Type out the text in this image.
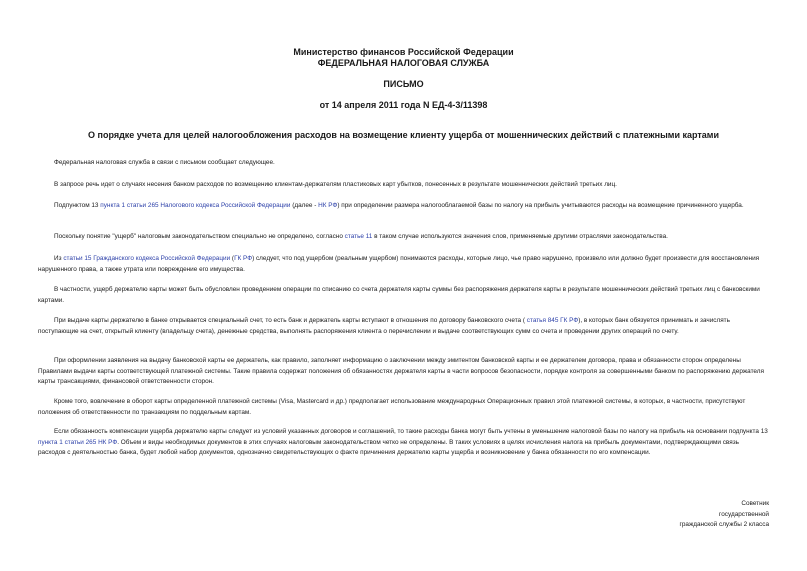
Министерство финансов Российской Федерации
ФЕДЕРАЛЬНАЯ НАЛОГОВАЯ СЛУЖБА
ПИСЬМО
от 14 апреля 2011 года N ЕД-4-3/11398
О порядке учета для целей налогообложения расходов на возмещение клиенту ущерба от мошеннических действий с платежными картами
Федеральная налоговая служба в связи с письмом сообщает следующее.
В запросе речь идет о случаях несения банком расходов по возмещению клиентам-держателям пластиковых карт убытков, понесенных в результате мошеннических действий третьих лиц.
Подпунктом 13 пункта 1 статьи 265 Налогового кодекса Российской Федерации (далее - НК РФ) при определении размера налогооблагаемой базы по налогу на прибыль учитываются расходы на возмещение причиненного ущерба.
Поскольку понятие "ущерб" налоговым законодательством специально не определено, согласно статье 11 в таком случае используются значения слов, применяемые другими отраслями законодательства.
Из статьи 15 Гражданского кодекса Российской Федерации (ГК РФ) следует, что под ущербом (реальным ущербом) понимаются расходы, которые лицо, чье право нарушено, произвело или должно будет произвести для восстановления нарушенного права, а также утрата или повреждение его имущества.
В частности, ущерб держателю карты может быть обусловлен проведением операции по списанию со счета держателя карты суммы без распоряжения держателя карты в результате мошеннических действий третьих лиц с банковскими картами.
При выдаче карты держателю в банке открывается специальный счет, то есть банк и держатель карты вступают в отношения по договору банковского счета ( статья 845 ГК РФ), в которых банк обязуется принимать и зачислять поступающие на счет, открытый клиенту (владельцу счета), денежные средства, выполнять распоряжения клиента о перечислении и выдаче соответствующих сумм со счета и проведении других операций по счету.
При оформлении заявления на выдачу банковской карты ее держатель, как правило, заполняет информацию о заключении между эмитентом банковской карты и ее держателем договора, права и обязанности сторон определены Правилами выдачи карты соответствующей платежной системы. Такие правила содержат положения об обязанностях держателя карты в части вопросов безопасности, порядке контроля за совершенными банком по распоряжению держателя карты трансакциями, финансовой ответственности сторон.
Кроме того, вовлечение в оборот карты определенной платежной системы (Visa, Mastercard и др.) предполагает использование международных Операционных правил этой платежной системы, в которых, в частности, присутствуют положения об ответственности по транзакциям по поддельным картам.
Если обязанность компенсации ущерба держателю карты следует из условий указанных договоров и соглашений, то такие расходы банка могут быть учтены в уменьшение налоговой базы по налогу на прибыль на основании подпункта 13 пункта 1 статьи 265 НК РФ. Объем и виды необходимых документов в этих случаях налоговым законодательством четко не определены. В таких условиях в целях исчисления налога на прибыль документами, подтверждающими связь расходов с деятельностью банка, будет любой набор документов, однозначно свидетельствующих о факте причинения держателю карты ущерба и возникновение у банка обязанности по его компенсации.
Советник
государственной
гражданской службы 2 класса
